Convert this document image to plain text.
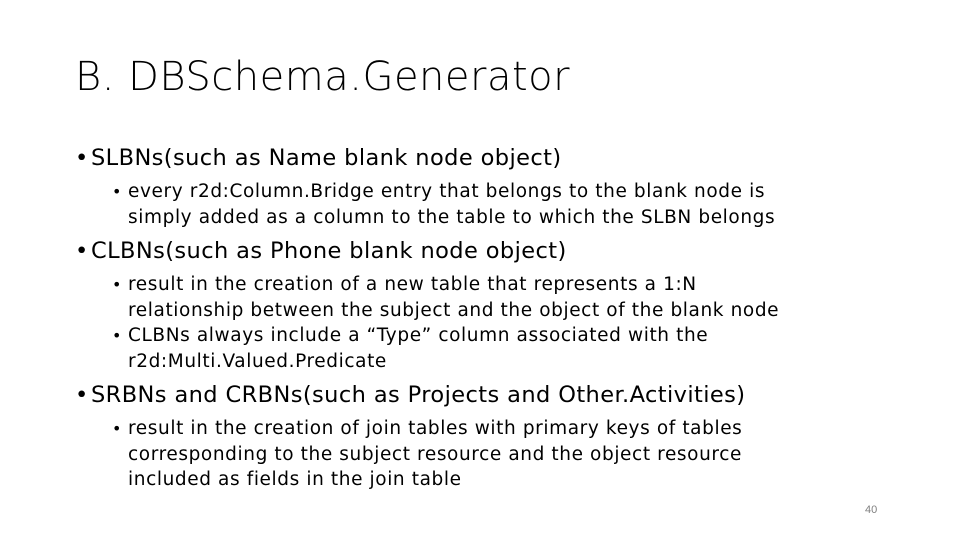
B. DBSchema.Generator
• SLBNs(such as Name blank node object)
• every r2d:Column.Bridge entry that belongs to the blank node is
simply added as a column to the table to which the SLBN belongs
• CLBNs(such as Phone blank node object)
• result in the creation of a new table that represents a 1:N
relationship between the subject and the object of the blank node
• CLBNs always include a “Type” column associated with the
r2d:Multi.Valued.Predicate
• SRBNs and CRBNs(such as Projects and Other.Activities)
• result in the creation of join tables with primary keys of tables
corresponding to the subject resource and the object resource
included as fields in the join table
40
